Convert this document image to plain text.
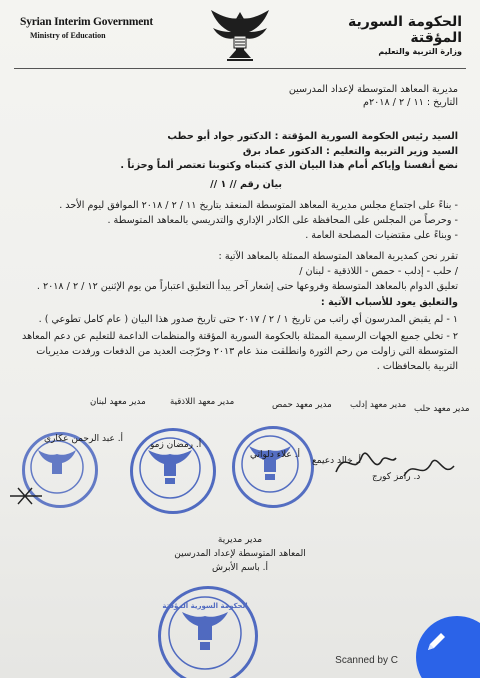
Syrian Interim Government
Ministry of Education
الحكومة السورية المؤقتة
وزارة التربية والتعليم
مديرية المعاهد المتوسطة لإعداد المدرسين
التاريخ : ١١ / ٢ / ٢٠١٨م
السيد رئيس الحكومة السورية المؤقتة : الدكتور جواد أبو حطب
السيد وزير التربية والتعليم : الدكتور عماد برق
نضع أنفسنا وإياكم أمام هذا البيان الذي كتبناه وكتوبنا تعتصر ألماً وحزناً .
بيان رقم // ١ //
- بناءً على اجتماع مجلس مديرية المعاهد المتوسطة المنعقد بتاريخ ١١ / ٢ / ٢٠١٨ الموافق ليوم الأحد .
- وحرصاً من المجلس على المحافظة على الكادر الإداري والتدريسي بالمعاهد المتوسطة .
- وبناءً على مقتضيات المصلحة العامة .
تقرر نحن كمديرية المعاهد المتوسطة الممثلة بالمعاهد الآتية :
/ حلب - إدلب - حمص - اللاذقية - لبنان /
تعليق الدوام بالمعاهد المتوسطة وفروعها حتى إشعار آخر يبدأ التعليق اعتباراً من يوم الإثنين ١٢ / ٢ / ٢٠١٨ .
والتعليق يعود للأسباب الآتية :
١ - لم يقبض المدرسون أي راتب من تاريخ ١ / ٢ / ٢٠١٧ حتى تاريخ صدور هذا البيان ( عام كامل تطوعي ) .
٢ - تخلي جميع الجهات الرسمية الممثلة بالحكومة السورية المؤقتة والمنظمات الداعمة للتعليم عن دعم المعاهد
المتوسطة التي زاولت من رحم الثورة وانطلقت منذ عام ٢٠١٣ وخرّجت العديد من الدفعات ورفدت مديريات
التربية بالمحافظات .
مدير معهد حلب
مدير معهد إدلب
مدير معهد حمص
مدير معهد اللاذقية
مدير معهد لبنان
الحكومة السورية المؤقتة
د. رامز كورج
أ. خالد دعيمع
أ. علاء دلواتي
أ. رمضان زمو
أ. عبد الرحمن عكاري
مدير مديرية
المعاهد المتوسطة لإعداد المدرسين
أ. باسم الأبرش
Scanned by C
